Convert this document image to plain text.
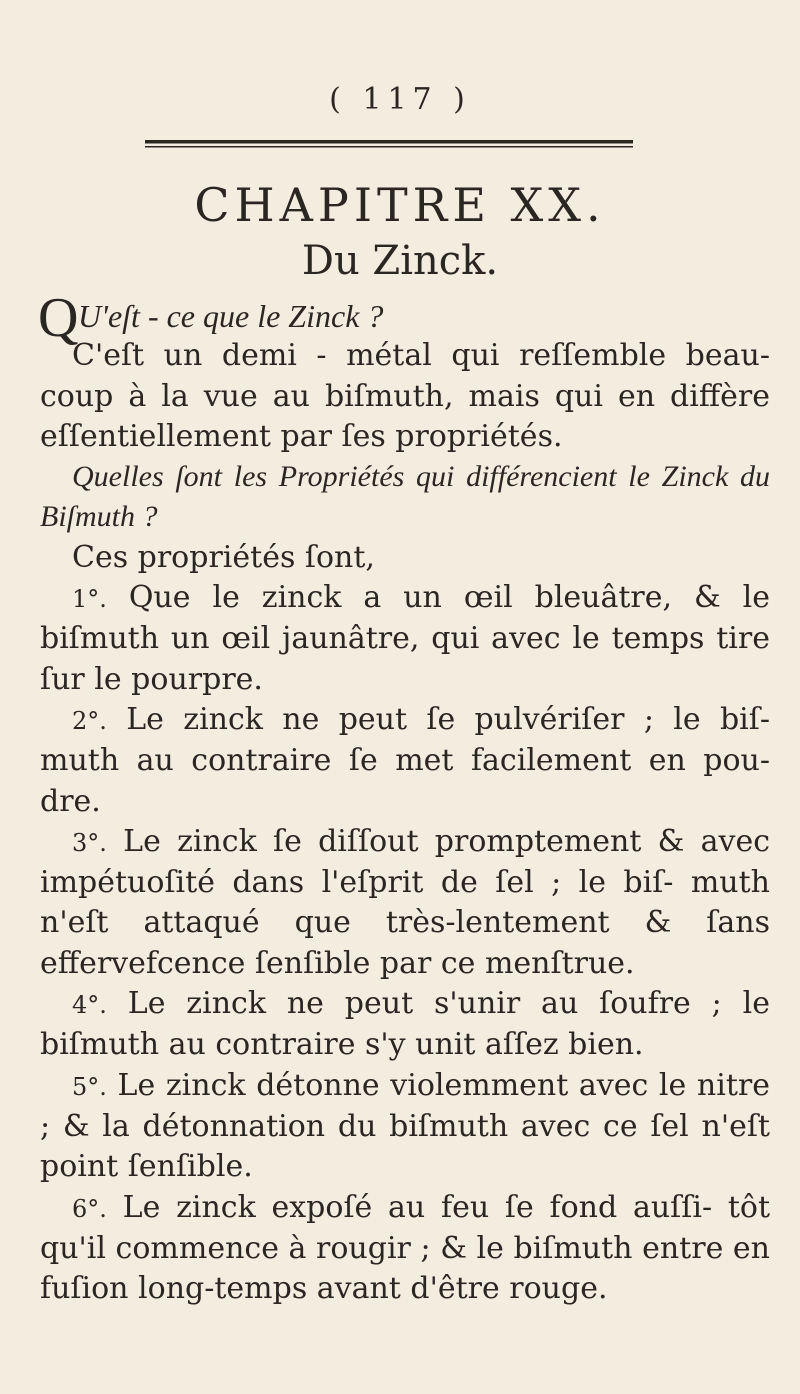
( 117 )
CHAPITRE XX.
Du Zinck.
Q U'eſt - ce que le Zinck ?

C'eſt un demi - métal qui reſſemble beau- coup à la vue au biſmuth, mais qui en diffère eſſentiellement par ſes propriétés.

Quelles ſont les Propriétés qui différencient le Zinck du Biſmuth ?

Ces propriétés ſont,

1°. Que le zinck a un œil bleuâtre, & le biſmuth un œil jaunâtre, qui avec le temps tire ſur le pourpre.

2°. Le zinck ne peut ſe pulvériſer ; le biſ- muth au contraire ſe met facilement en pou- dre.

3°. Le zinck ſe diſſout promptement & avec impétuoſité dans l'eſprit de ſel ; le biſ- muth n'eſt attaqué que très-lentement & ſans effervefcence ſenſible par ce menſtrue.

4°. Le zinck ne peut s'unir au ſoufre ; le biſmuth au contraire s'y unit aſſez bien.

5°. Le zinck détonne violemment avec le nitre ; & la détonnation du biſmuth avec ce ſel n'eſt point ſenſible.

6°. Le zinck expoſé au feu ſe fond auſſi- tôt qu'il commence à rougir ; & le biſmuth entre en fuſion long-temps avant d'être rouge.
